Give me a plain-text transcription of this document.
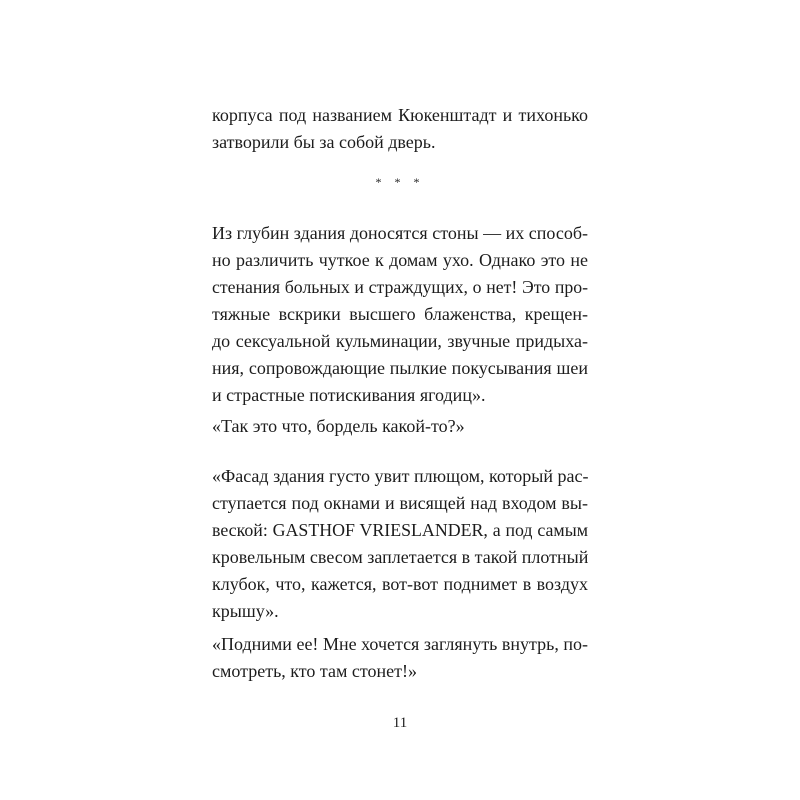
корпуса под названием Кюкенштадт и тихонько
затворили бы за собой дверь.
* * *
Из глубин здания доносятся стоны — их способ-
но различить чуткое к домам ухо. Однако это не
стенания больных и страждущих, о нет! Это про-
тяжные вскрики высшего блаженства, крещен-
до сексуальной кульминации, звучные придыха-
ния, сопровождающие пылкие покусывания шеи
и страстные потискивания ягодиц».
«Так это что, бордель какой-то?»
«Фасад здания густо увит плющом, который рас-
ступается под окнами и висящей над входом вы-
веской: GASTHOF VRIESLANDER, а под самым
кровельным свесом заплетается в такой плотный
клубок, что, кажется, вот-вот поднимет в воздух
крышу».
«Подними ее! Мне хочется заглянуть внутрь, по-
смотреть, кто там стонет!»
11
